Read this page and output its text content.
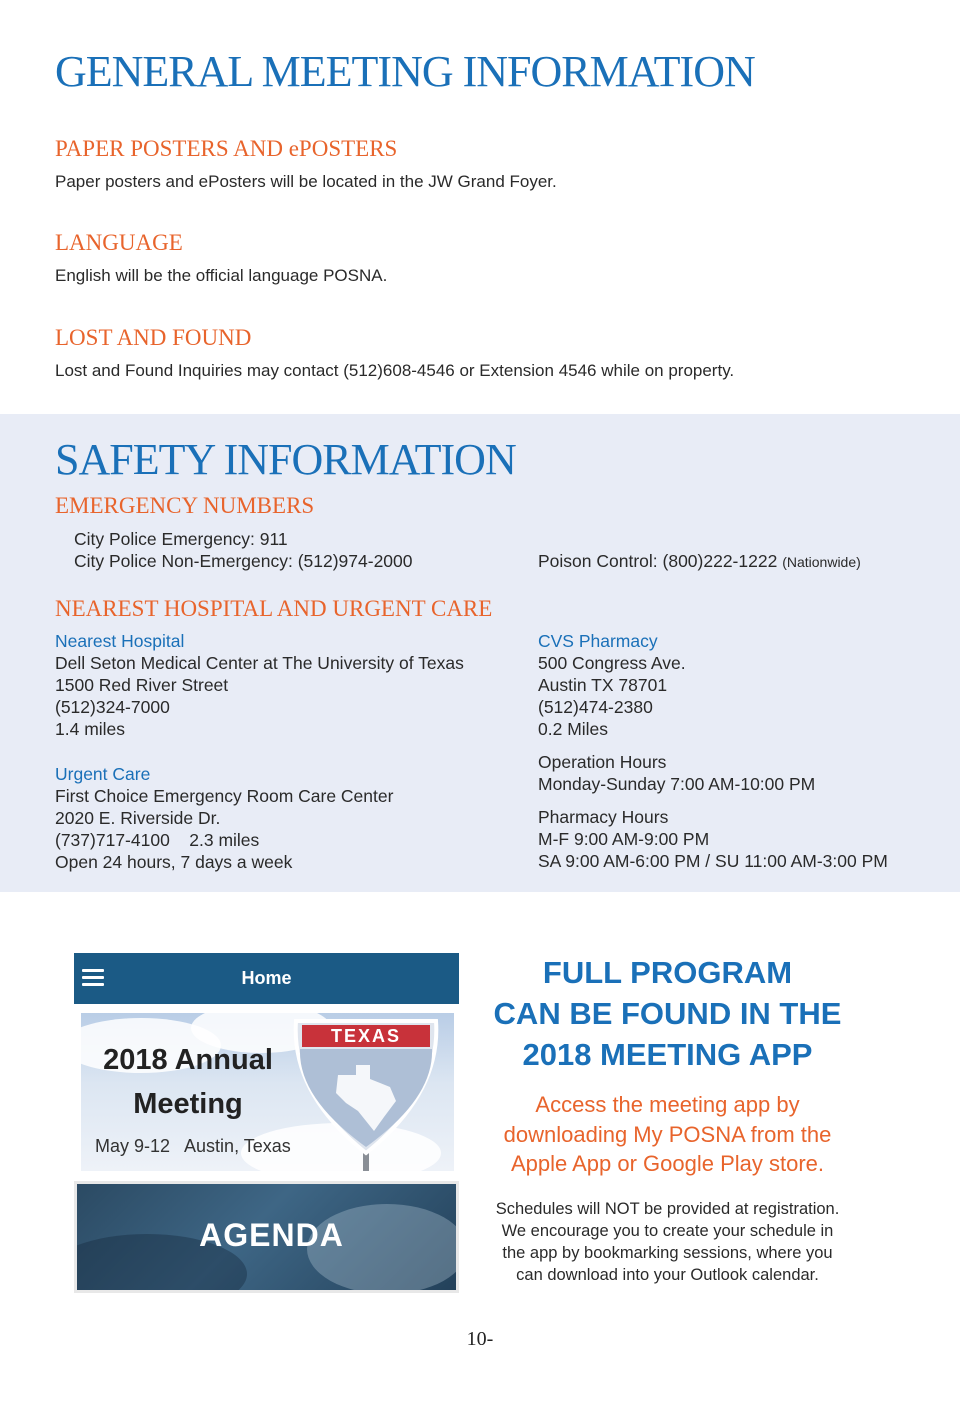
GENERAL MEETING INFORMATION
PAPER POSTERS AND ePOSTERS
Paper posters and ePosters will be located in the JW Grand Foyer.
LANGUAGE
English will be the official language POSNA.
LOST AND FOUND
Lost and Found Inquiries may contact (512)608-4546 or Extension 4546 while on property.
SAFETY INFORMATION
EMERGENCY NUMBERS
City Police Emergency: 911
City Police Non-Emergency: (512)974-2000	Poison Control: (800)222-1222 (Nationwide)
NEAREST HOSPITAL AND URGENT CARE
Nearest Hospital
Dell Seton Medical Center at The University of Texas
1500 Red River Street
(512)324-7000
1.4 miles
Urgent Care
First Choice Emergency Room Care Center
2020 E. Riverside Dr.
(737)717-4100    2.3 miles
Open 24 hours, 7 days a week
CVS Pharmacy
500 Congress Ave.
Austin TX 78701
(512)474-2380
0.2 Miles
Operation Hours
Monday-Sunday 7:00 AM-10:00 PM
Pharmacy Hours
M-F 9:00 AM-9:00 PM
SA 9:00 AM-6:00 PM / SU 11:00 AM-3:00 PM
Home
TEXAS
2018 Annual
Meeting
May 9-12   Austin, Texas
AGENDA
FULL PROGRAM
CAN BE FOUND IN THE
2018 MEETING APP
Access the meeting app by
downloading My POSNA from the
Apple App or Google Play store.
Schedules will NOT be provided at registration.
We encourage you to create your schedule in
the app by bookmarking sessions, where you
can download into your Outlook calendar.
10-
